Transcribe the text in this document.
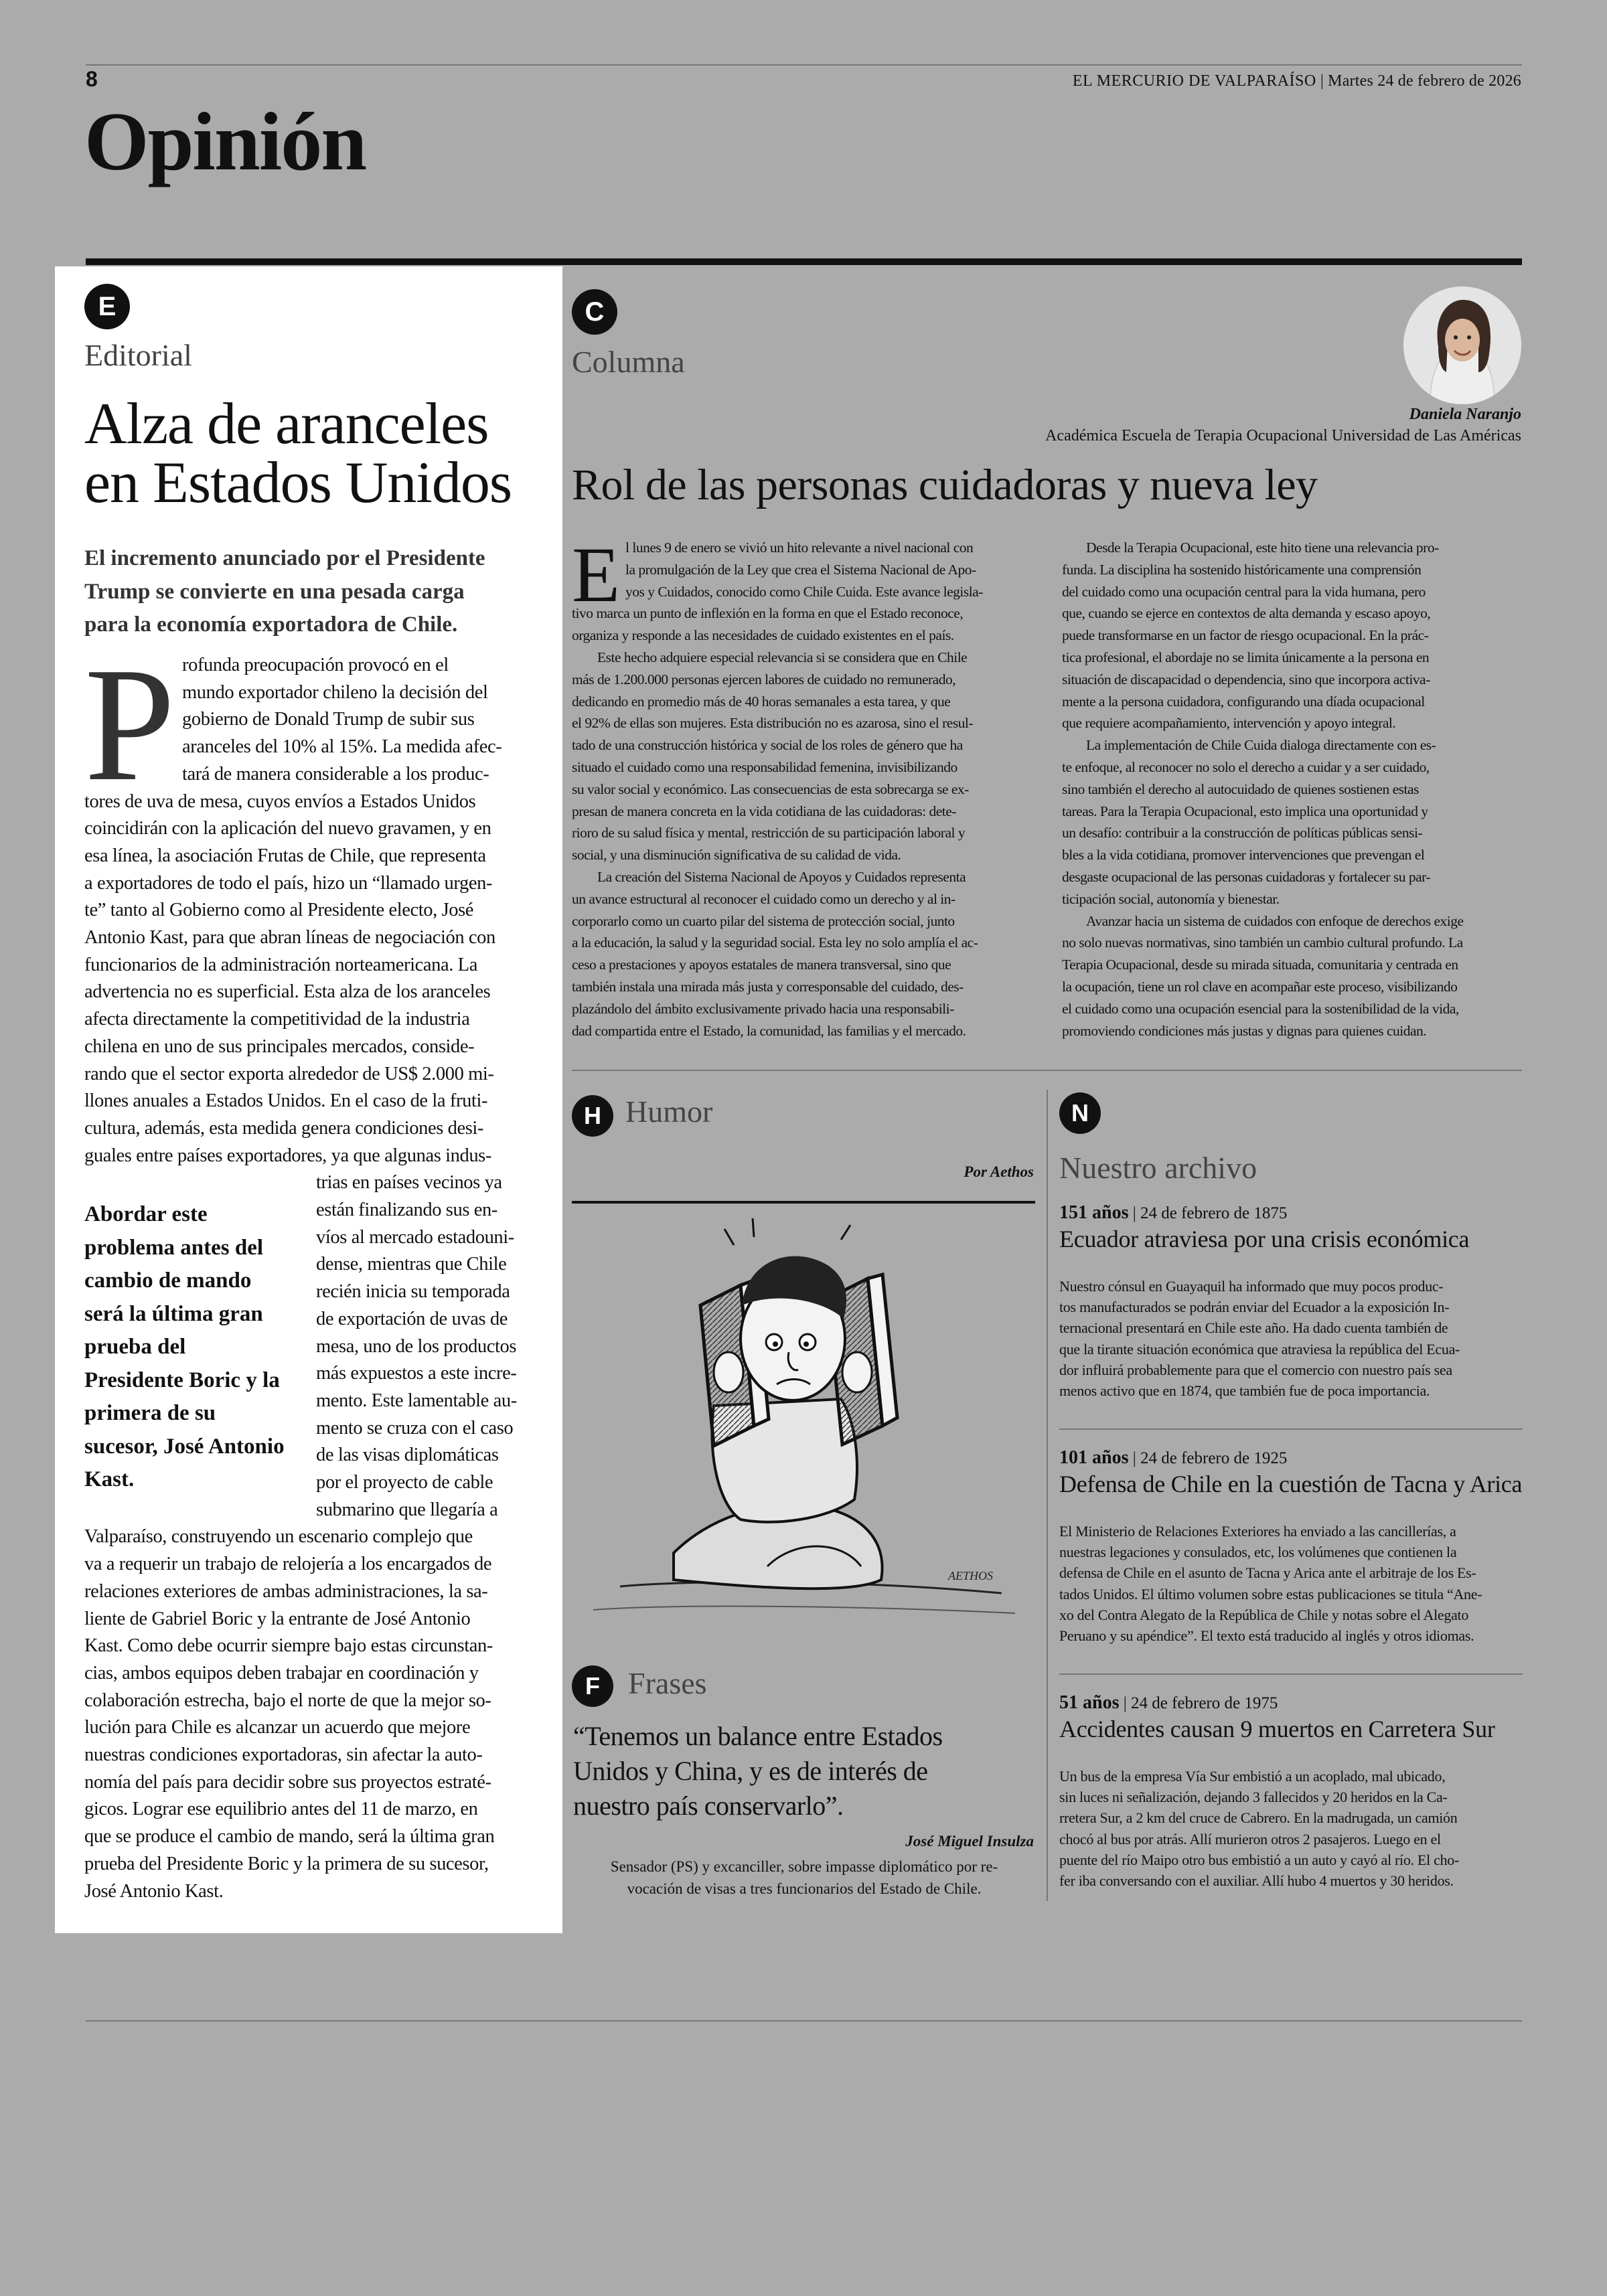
8	EL MERCURIO DE VALPARAÍSO | Martes 24 de febrero de 2026
Opinión
E
Editorial
Alza de aranceles
en Estados Unidos
El incremento anunciado por el Presidente
Trump se convierte en una pesada carga
para la economía exportadora de Chile.
P rofunda preocupación provocó en el
mundo exportador chileno la decisión del
gobierno de Donald Trump de subir sus
aranceles del 10% al 15%. La medida afec-
tará de manera considerable a los produc-
tores de uva de mesa, cuyos envíos a Estados Unidos
coincidirán con la aplicación del nuevo gravamen, y en
esa línea, la asociación Frutas de Chile, que representa
a exportadores de todo el país, hizo un “llamado urgen-
te” tanto al Gobierno como al Presidente electo, José
Antonio Kast, para que abran líneas de negociación con
funcionarios de la administración norteamericana. La
advertencia no es superficial. Esta alza de los aranceles
afecta directamente la competitividad de la industria
chilena en uno de sus principales mercados, conside-
rando que el sector exporta alrededor de US$ 2.000 mi-
llones anuales a Estados Unidos. En el caso de la fruti-
cultura, además, esta medida genera condiciones desi-
guales entre países exportadores, ya que algunas indus-
trias en países vecinos ya
están finalizando sus en-
víos al mercado estadouni-
dense, mientras que Chile
recién inicia su temporada
de exportación de uvas de
mesa, uno de los productos
más expuestos a este incre-
mento. Este lamentable au-
mento se cruza con el caso
de las visas diplomáticas
por el proyecto de cable
submarino que llegaría a
Valparaíso, construyendo un escenario complejo que
va a requerir un trabajo de relojería a los encargados de
relaciones exteriores de ambas administraciones, la sa-
liente de Gabriel Boric y la entrante de José Antonio
Kast. Como debe ocurrir siempre bajo estas circunstan-
cias, ambos equipos deben trabajar en coordinación y
colaboración estrecha, bajo el norte de que la mejor so-
lución para Chile es alcanzar un acuerdo que mejore
nuestras condiciones exportadoras, sin afectar la auto-
nomía del país para decidir sobre sus proyectos estraté-
gicos. Lograr ese equilibrio antes del 11 de marzo, en
que se produce el cambio de mando, será la última gran
prueba del Presidente Boric y la primera de su sucesor,
José Antonio Kast.
Abordar este
problema antes del
cambio de mando
será la última gran
prueba del
Presidente Boric y la
primera de su
sucesor, José Antonio
Kast.
C
Columna
Daniela Naranjo
Académica Escuela de Terapia Ocupacional Universidad de Las Américas
Rol de las personas cuidadoras y nueva ley
E l lunes 9 de enero se vivió un hito relevante a nivel nacional con
la promulgación de la Ley que crea el Sistema Nacional de Apo-
yos y Cuidados, conocido como Chile Cuida. Este avance legisla-
tivo marca un punto de inflexión en la forma en que el Estado reconoce,
organiza y responde a las necesidades de cuidado existentes en el país.
Este hecho adquiere especial relevancia si se considera que en Chile
más de 1.200.000 personas ejercen labores de cuidado no remunerado,
dedicando en promedio más de 40 horas semanales a esta tarea, y que
el 92% de ellas son mujeres. Esta distribución no es azarosa, sino el resul-
tado de una construcción histórica y social de los roles de género que ha
situado el cuidado como una responsabilidad femenina, invisibilizando
su valor social y económico. Las consecuencias de esta sobrecarga se ex-
presan de manera concreta en la vida cotidiana de las cuidadoras: dete-
rioro de su salud física y mental, restricción de su participación laboral y
social, y una disminución significativa de su calidad de vida.
La creación del Sistema Nacional de Apoyos y Cuidados representa
un avance estructural al reconocer el cuidado como un derecho y al in-
corporarlo como un cuarto pilar del sistema de protección social, junto
a la educación, la salud y la seguridad social. Esta ley no solo amplía el ac-
ceso a prestaciones y apoyos estatales de manera transversal, sino que
también instala una mirada más justa y corresponsable del cuidado, des-
plazándolo del ámbito exclusivamente privado hacia una responsabili-
dad compartida entre el Estado, la comunidad, las familias y el mercado.
Desde la Terapia Ocupacional, este hito tiene una relevancia pro-
funda. La disciplina ha sostenido históricamente una comprensión
del cuidado como una ocupación central para la vida humana, pero
que, cuando se ejerce en contextos de alta demanda y escaso apoyo,
puede transformarse en un factor de riesgo ocupacional. En la prác-
tica profesional, el abordaje no se limita únicamente a la persona en
situación de discapacidad o dependencia, sino que incorpora activa-
mente a la persona cuidadora, configurando una díada ocupacional
que requiere acompañamiento, intervención y apoyo integral.
La implementación de Chile Cuida dialoga directamente con es-
te enfoque, al reconocer no solo el derecho a cuidar y a ser cuidado,
sino también el derecho al autocuidado de quienes sostienen estas
tareas. Para la Terapia Ocupacional, esto implica una oportunidad y
un desafío: contribuir a la construcción de políticas públicas sensi-
bles a la vida cotidiana, promover intervenciones que prevengan el
desgaste ocupacional de las personas cuidadoras y fortalecer su par-
ticipación social, autonomía y bienestar.
Avanzar hacia un sistema de cuidados con enfoque de derechos exige
no solo nuevas normativas, sino también un cambio cultural profundo. La
Terapia Ocupacional, desde su mirada situada, comunitaria y centrada en
la ocupación, tiene un rol clave en acompañar este proceso, visibilizando
el cuidado como una ocupación esencial para la sostenibilidad de la vida,
promoviendo condiciones más justas y dignas para quienes cuidan.
H Humor
Por Aethos
AETHOS
F Frases
“Tenemos un balance entre Estados
Unidos y China, y es de interés de
nuestro país conservarlo”.
José Miguel Insulza
Sensador (PS) y excanciller, sobre impasse diplomático por re-
vocación de visas a tres funcionarios del Estado de Chile.
N
Nuestro archivo
151 años | 24 de febrero de 1875
Ecuador atraviesa por una crisis económica
Nuestro cónsul en Guayaquil ha informado que muy pocos produc-
tos manufacturados se podrán enviar del Ecuador a la exposición In-
ternacional presentará en Chile este año. Ha dado cuenta también de
que la tirante situación económica que atraviesa la república del Ecua-
dor influirá probablemente para que el comercio con nuestro país sea
menos activo que en 1874, que también fue de poca importancia.
101 años | 24 de febrero de 1925
Defensa de Chile en la cuestión de Tacna y Arica
El Ministerio de Relaciones Exteriores ha enviado a las cancillerías, a
nuestras legaciones y consulados, etc, los volúmenes que contienen la
defensa de Chile en el asunto de Tacna y Arica ante el arbitraje de los Es-
tados Unidos. El último volumen sobre estas publicaciones se titula “Ane-
xo del Contra Alegato de la República de Chile y notas sobre el Alegato
Peruano y su apéndice”. El texto está traducido al inglés y otros idiomas.
51 años | 24 de febrero de 1975
Accidentes causan 9 muertos en Carretera Sur
Un bus de la empresa Vía Sur embistió a un acoplado, mal ubicado,
sin luces ni señalización, dejando 3 fallecidos y 20 heridos en la Ca-
rretera Sur, a 2 km del cruce de Cabrero. En la madrugada, un camión
chocó al bus por atrás. Allí murieron otros 2 pasajeros. Luego en el
puente del río Maipo otro bus embistió a un auto y cayó al río. El cho-
fer iba conversando con el auxiliar. Allí hubo 4 muertos y 30 heridos.
